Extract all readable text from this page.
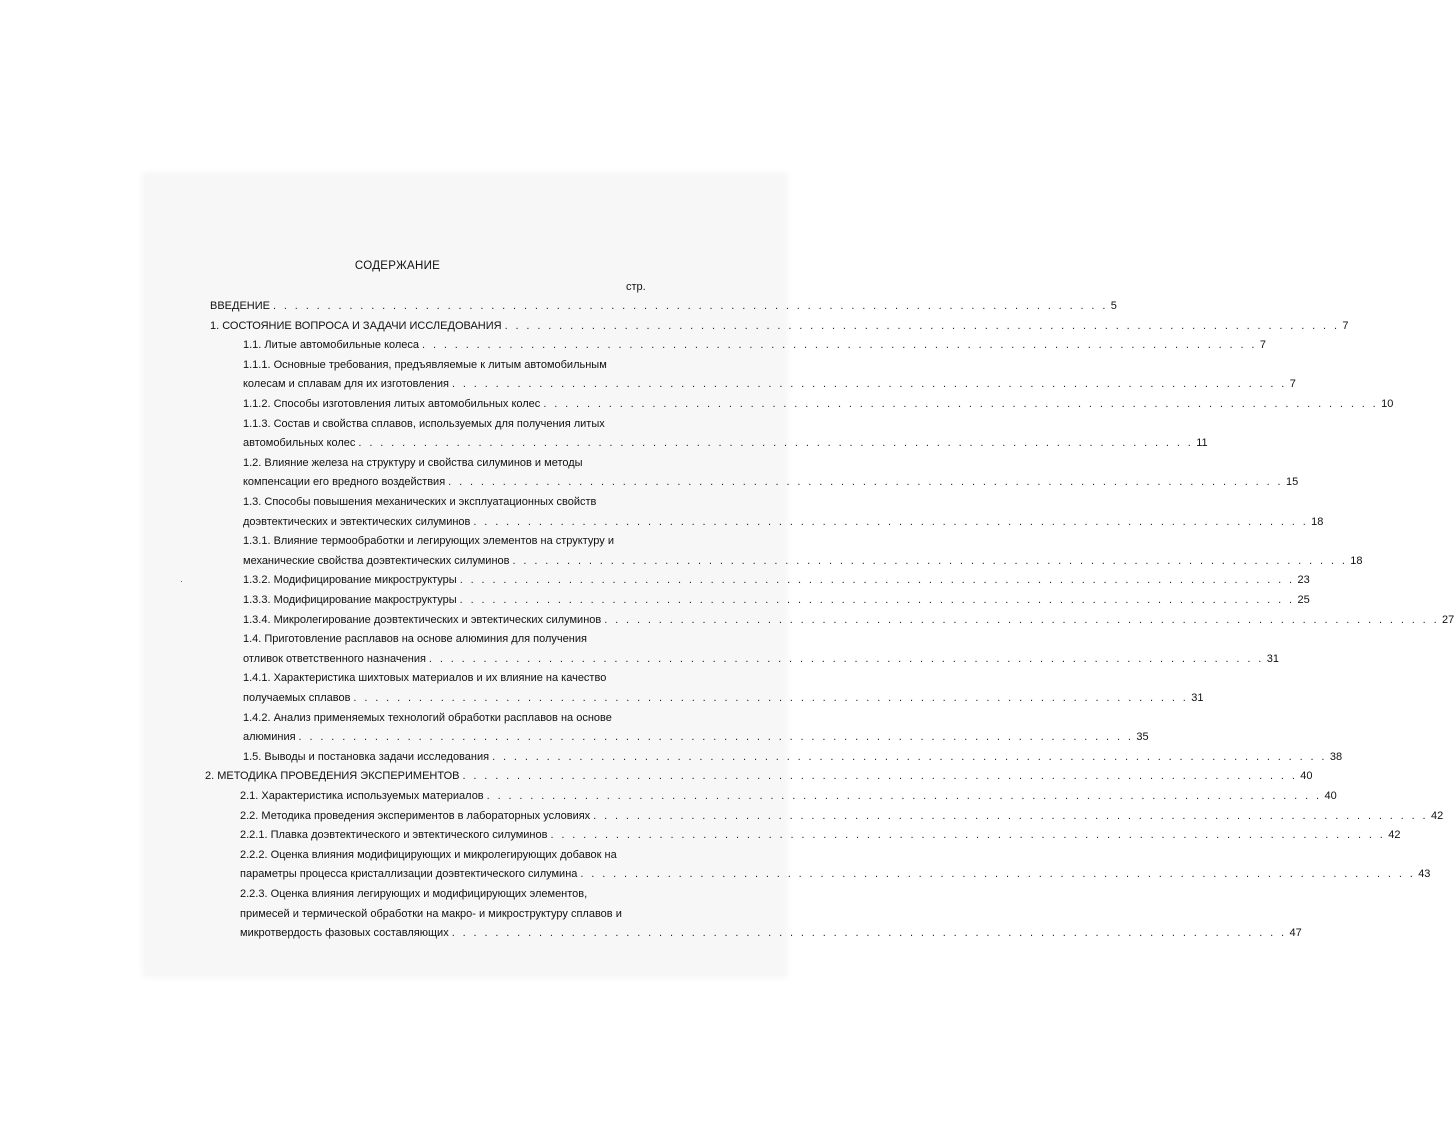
СОДЕРЖАНИЕ
стр.
ВВЕДЕНИЕ . . .	5
1. СОСТОЯНИЕ ВОПРОСА И ЗАДАЧИ ИССЛЕДОВАНИЯ . . .	7
1.1. Литые автомобильные колеса . . .	7
1.1.1. Основные требования, предъявляемые к литым автомобильным
колесам и сплавам для их изготовления . . .	7
1.1.2. Способы изготовления литых автомобильных колес . . .	10
1.1.3. Состав и свойства сплавов, используемых для получения литых
автомобильных колес . . .	11
1.2. Влияние железа на структуру и свойства силуминов и методы
компенсации его вредного воздействия . . .	15
1.3. Способы повышения механических и эксплуатационных свойств
доэвтектических и эвтектических силуминов . . .	18
1.3.1. Влияние термообработки и легирующих элементов на структуру и
механические свойства доэвтектических силуминов . . .	18
1.3.2. Модифицирование микроструктуры . . .	23
1.3.3. Модифицирование макроструктуры . . .	25
1.3.4. Микролегирование доэвтектических и эвтектических силуминов . . .	27
1.4. Приготовление расплавов на основе алюминия для получения
отливок ответственного назначения . . .	31
1.4.1. Характеристика шихтовых материалов и их влияние на качество
получаемых сплавов . . .	31
1.4.2. Анализ применяемых технологий обработки расплавов на основе
алюминия . . .	35
1.5. Выводы и постановка задачи исследования . . .	38
2. МЕТОДИКА ПРОВЕДЕНИЯ ЭКСПЕРИМЕНТОВ . . .	40
2.1. Характеристика используемых материалов . . .	40
2.2. Методика проведения экспериментов в лабораторных условиях . . .	42
2.2.1. Плавка доэвтектического и эвтектического силуминов . . .	42
2.2.2. Оценка влияния модифицирующих и микролегирующих добавок на
параметры процесса кристаллизации доэвтектического силумина . . .	43
2.2.3. Оценка влияния легирующих и модифицирующих элементов,
примесей и термической обработки на макро- и микроструктуру сплавов и
микротвердость фазовых составляющих . . .	47
·
